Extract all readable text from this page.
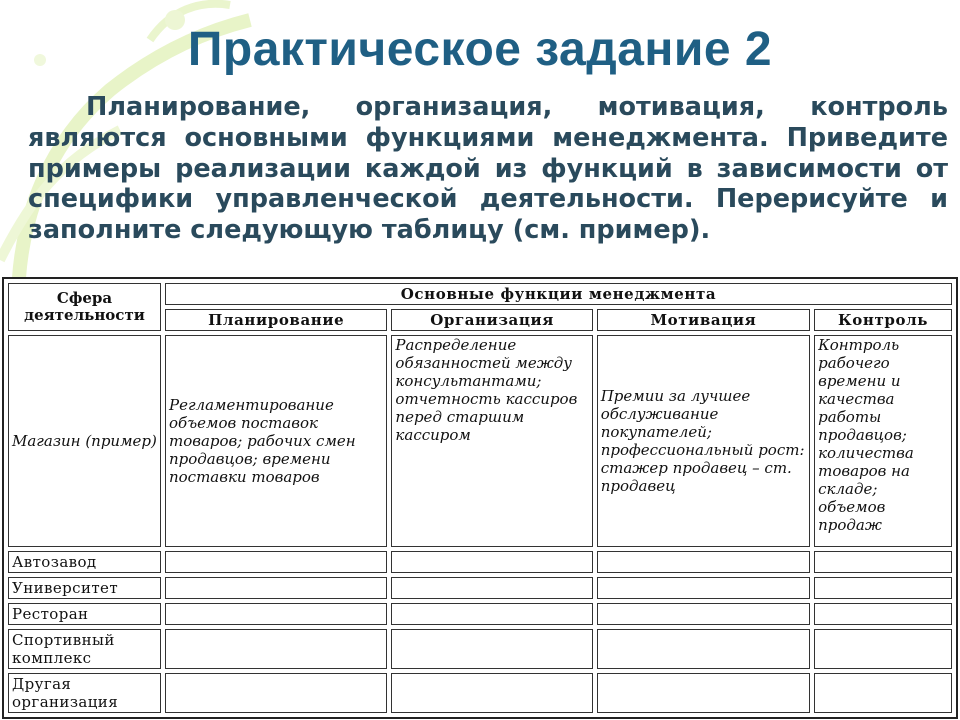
Практическое задание 2
Планирование, организация, мотивация, контроль являются основными функциями менеджмента. Приведите примеры реализации каждой из функций в зависимости от специфики управленческой деятельности. Перерисуйте и заполните следующую таблицу (см. пример).
Сфера деятельности	Основные функции менеджмента			
	Планирование	Организация	Мотивация	Контроль
Магазин (пример)	Регламентирование объемов поставок товаров; рабочих смен продавцов; времени поставки товаров	Распределение обязанностей между консультантами; отчетность кассиров перед старшим кассиром	Премии за лучшее обслуживание покупателей; профессиональный рост: стажер продавец – ст. продавец	Контроль рабочего времени и качества работы продавцов; количества товаров на складе; объемов продаж
Автозавод				
Университет				
Ресторан				
Спортивный комплекс				
Другая организация				
